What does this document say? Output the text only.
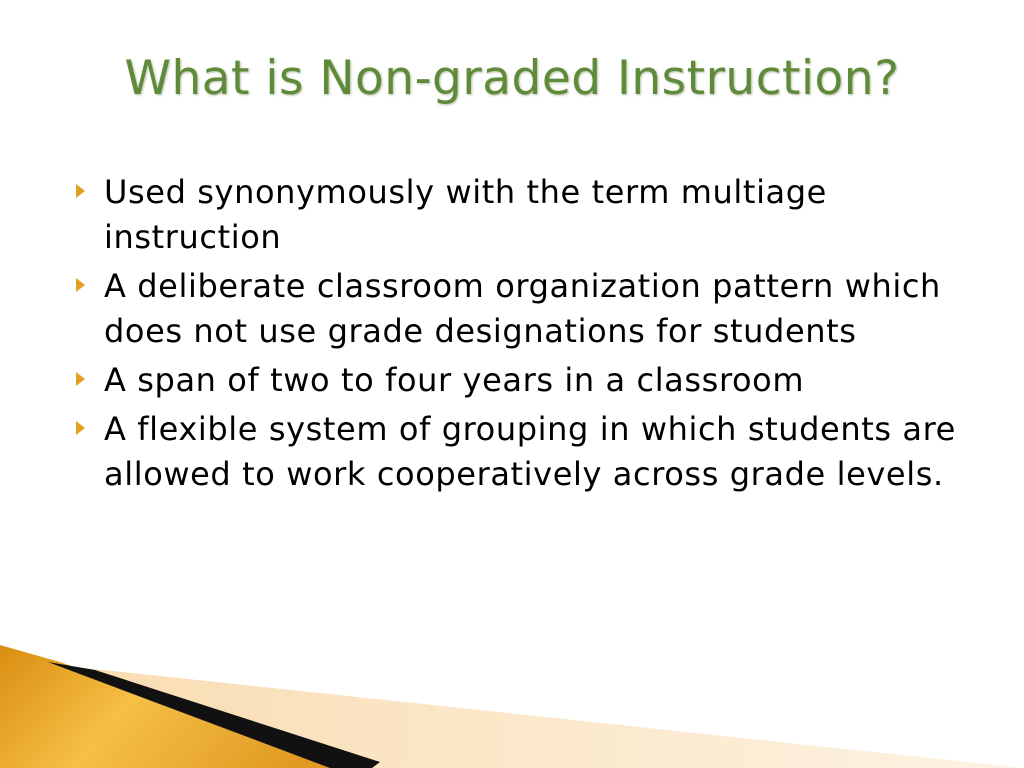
What is Non-graded Instruction?
Used synonymously with the term multiage instruction
A deliberate classroom organization pattern which does not use grade designations for students
A span of two to four years in a classroom
A flexible system of grouping in which students are allowed to work cooperatively across grade levels.
